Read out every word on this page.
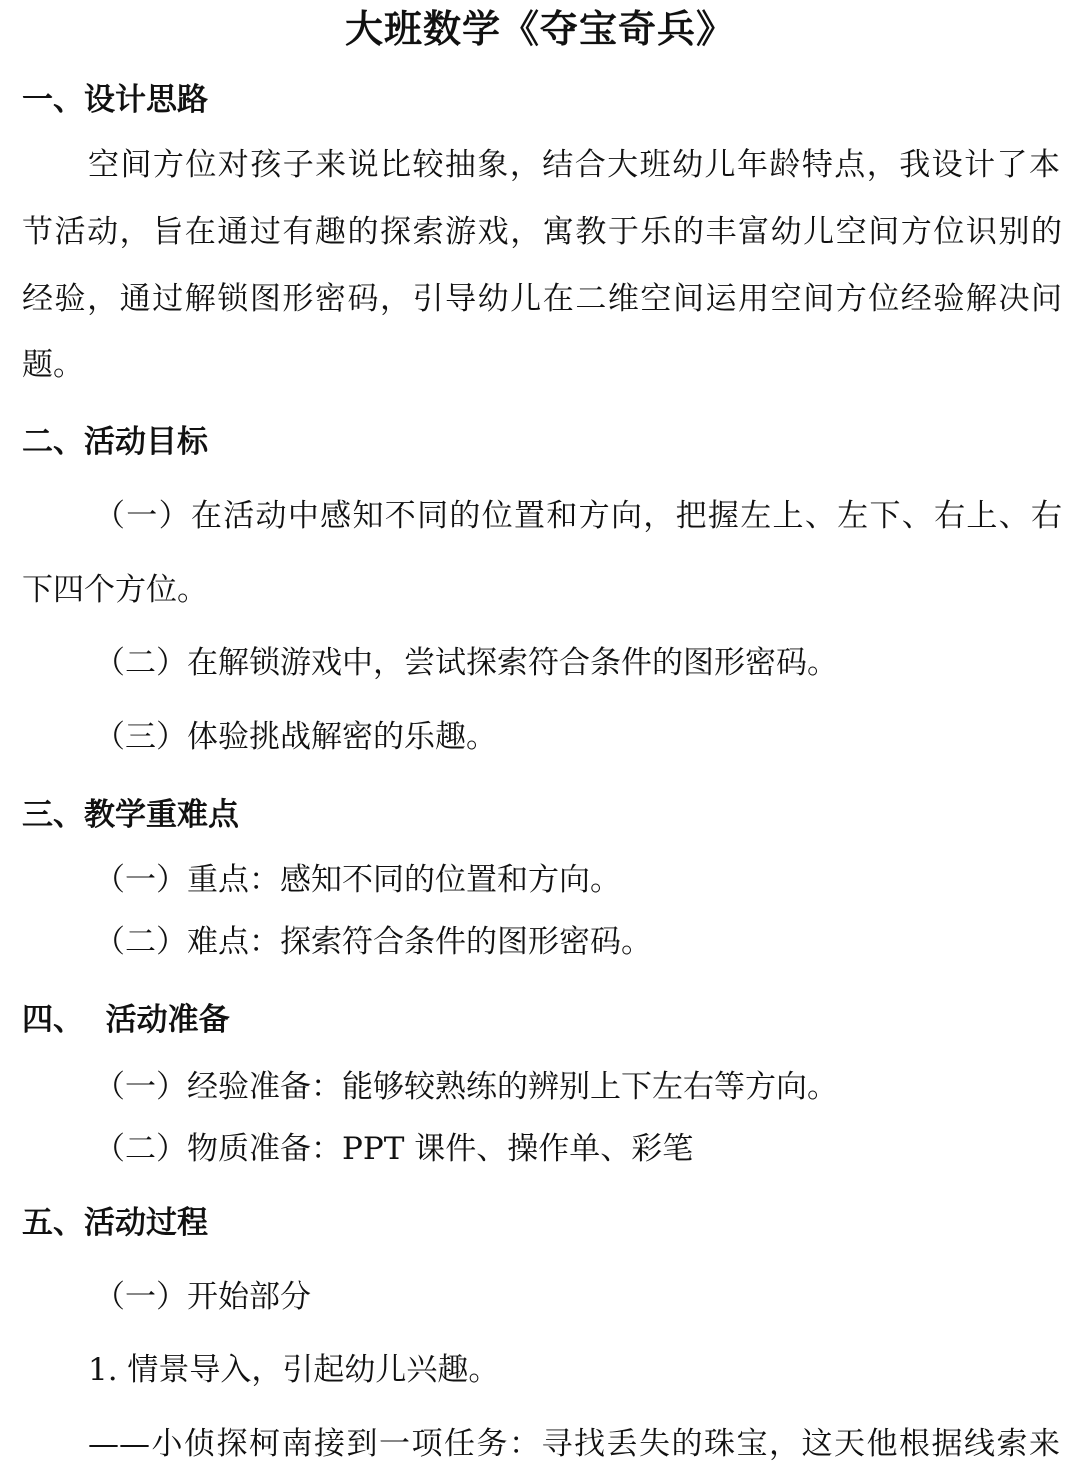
大班数学《夺宝奇兵》
一、设计思路
空间方位对孩子来说比较抽象，结合大班幼儿年龄特点，我设计了本
节活动，旨在通过有趣的探索游戏，寓教于乐的丰富幼儿空间方位识别的
经验，通过解锁图形密码，引导幼儿在二维空间运用空间方位经验解决问
题。
二、活动目标
（一）在活动中感知不同的位置和方向，把握左上、左下、右上、右
下四个方位。
（二）在解锁游戏中，尝试探索符合条件的图形密码。
（三）体验挑战解密的乐趣。
三、教学重难点
（一）重点：感知不同的位置和方向。
（二）难点：探索符合条件的图形密码。
四、  活动准备
（一）经验准备：能够较熟练的辨别上下左右等方向。
（二）物质准备：PPT 课件、操作单、彩笔
五、活动过程
（一）开始部分
1. 情景导入，引起幼儿兴趣。
——小侦探柯南接到一项任务：寻找丢失的珠宝，这天他根据线索来
